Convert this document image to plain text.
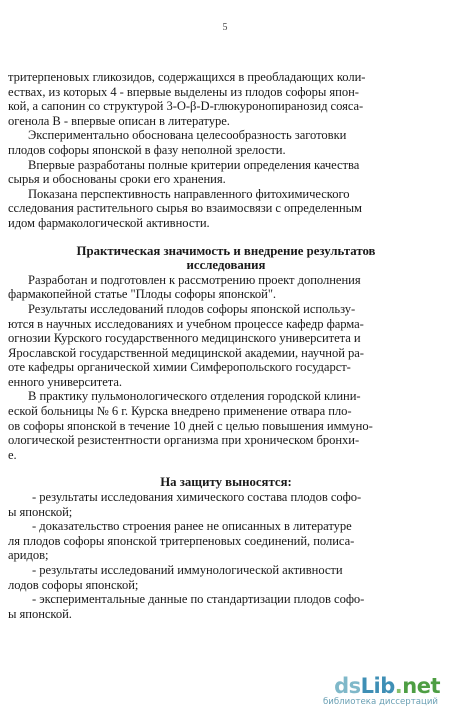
5
тритерпеновых гликозидов, содержащихся в преобладающих коли-
ествах, из которых 4 - впервые выделены из плодов софоры япон-
кой, а сапонин со структурой 3-О-β-D-глюкуронопиранозид сояса-
огенола В - впервые описан в литературе.
Экспериментально обоснована целесообразность заготовки
плодов софоры японской в фазу неполной зрелости.
Впервые разработаны полные критерии определения качества
сырья и обоснованы сроки его хранения.
Показана перспективность направленного фитохимического
сследования растительного сырья во взаимосвязи с определенным
идом фармакологической активности.
Практическая значимость и внедрение результатов
исследования
Разработан и подготовлен к рассмотрению проект дополнения
фармакопейной статье "Плоды софоры японской".
Результаты исследований плодов софоры японской использу-
ются в научных исследованиях и учебном процессе кафедр фарма-
огнозии Курского государственного медицинского университета и
Ярославской государственной медицинской академии, научной ра-
оте кафедры органической химии Симферопольского государст-
енного университета.
В практику пульмонологического отделения городской клини-
еской больницы № 6 г. Курска внедрено применение отвара пло-
ов софоры японской в течение 10 дней с целью повышения иммуно-
ологической резистентности организма при хроническом бронхи-
е.
На защиту выносятся:
- результаты исследования химического состава плодов софо-
ы японской;
- доказательство строения ранее не описанных в литературе
ля плодов софоры японской тритерпеновых соединений, полиса-
аридов;
- результаты исследований иммунологической активности
лодов софоры японской;
- экспериментальные данные по стандартизации плодов софо-
ы японской.
dsLib.net
библиотека диссертаций
